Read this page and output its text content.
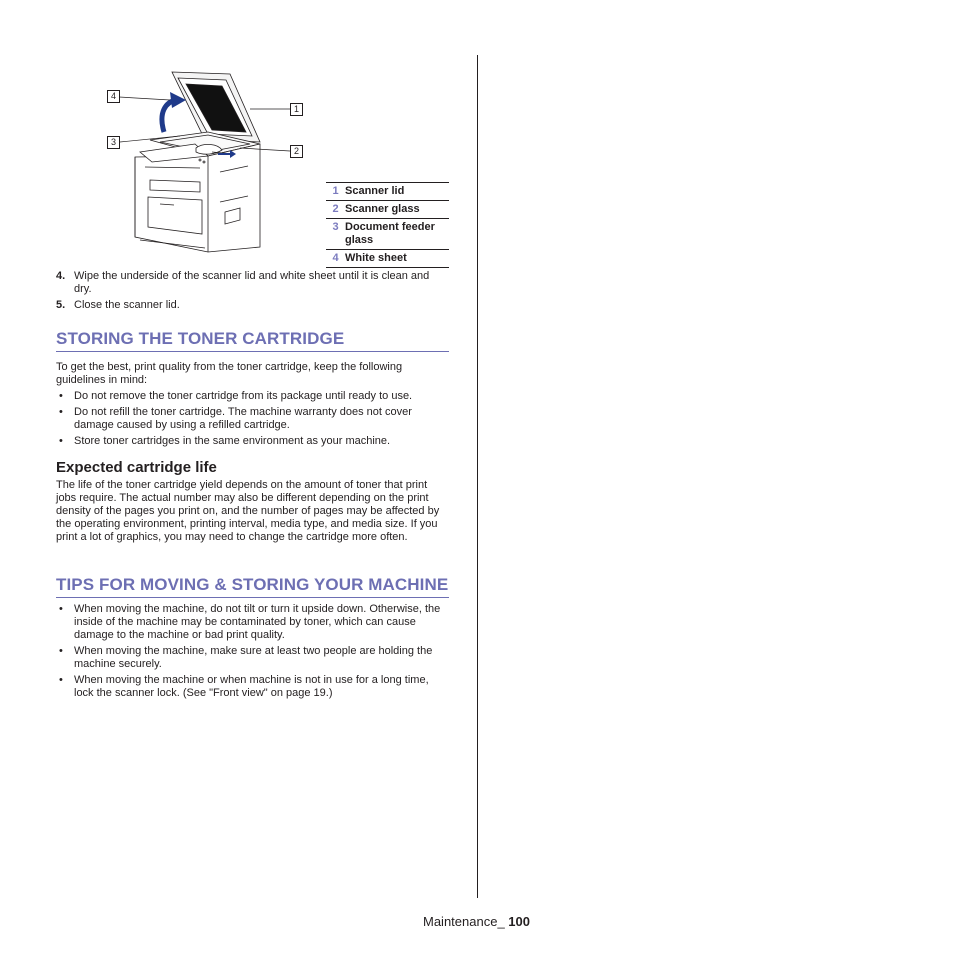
4
3
1
2
1 Scanner lid
2 Scanner glass
3 Document feeder glass
4 White sheet
4. Wipe the underside of the scanner lid and white sheet until it is clean and dry.
5. Close the scanner lid.
STORING THE TONER CARTRIDGE
To get the best, print quality from the toner cartridge, keep the following guidelines in mind:
• Do not remove the toner cartridge from its package until ready to use.
• Do not refill the toner cartridge. The machine warranty does not cover damage caused by using a refilled cartridge.
• Store toner cartridges in the same environment as your machine.
Expected cartridge life
The life of the toner cartridge yield depends on the amount of toner that print jobs require. The actual number may also be different depending on the print density of the pages you print on, and the number of pages may be affected by the operating environment, printing interval, media type, and media size. If you print a lot of graphics, you may need to change the cartridge more often.
TIPS FOR MOVING & STORING YOUR MACHINE
• When moving the machine, do not tilt or turn it upside down. Otherwise, the inside of the machine may be contaminated by toner, which can cause damage to the machine or bad print quality.
• When moving the machine, make sure at least two people are holding the machine securely.
• When moving the machine or when machine is not in use for a long time, lock the scanner lock. (See "Front view" on page 19.)
Maintenance_ 100
